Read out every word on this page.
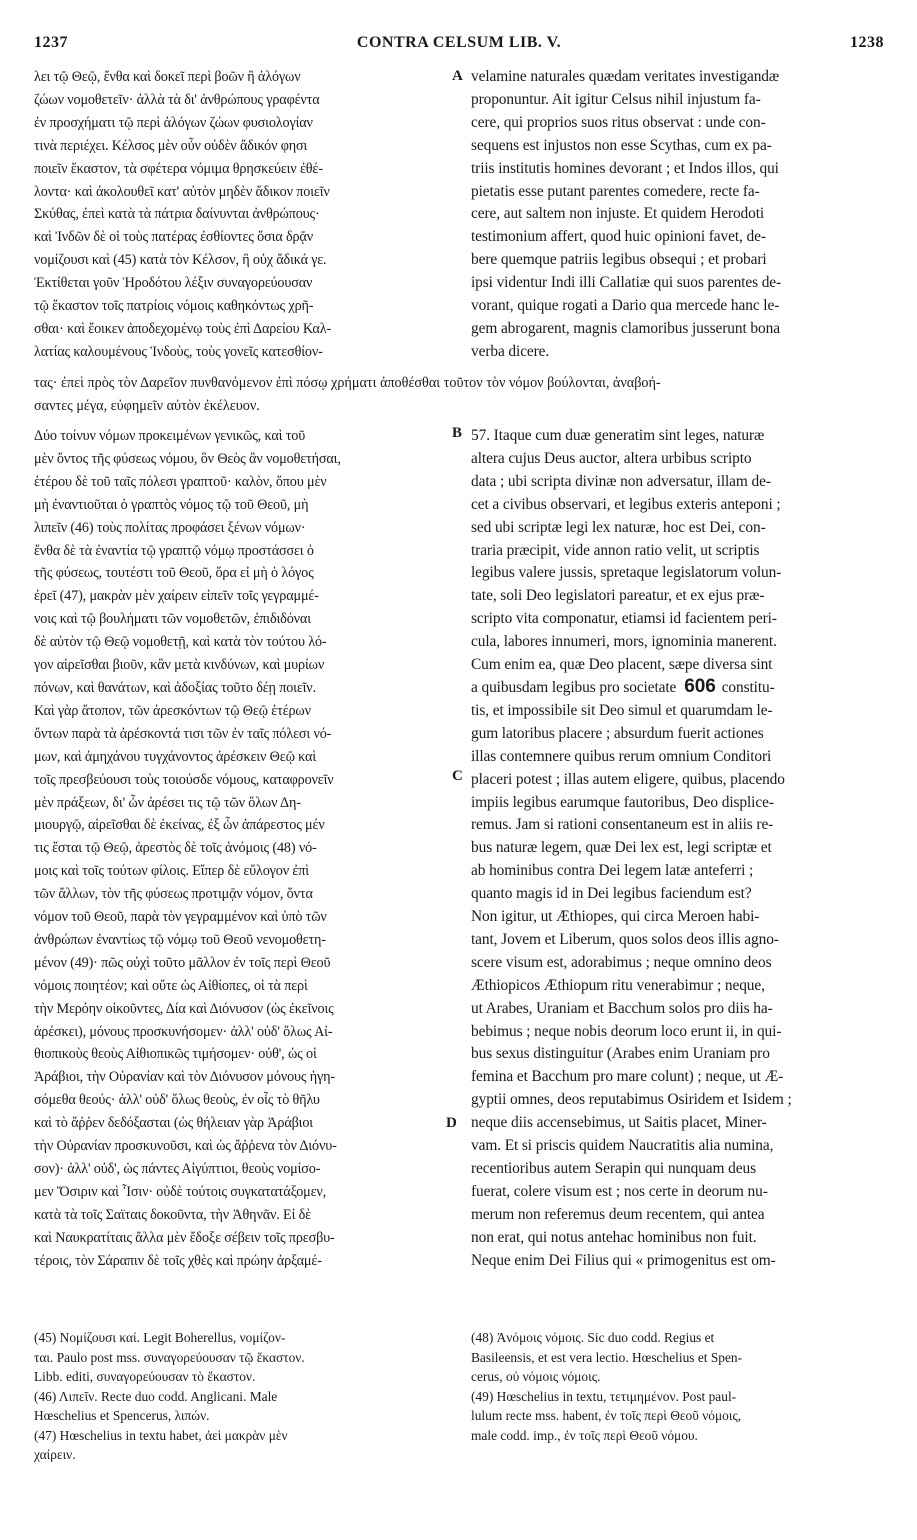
1237	CONTRA CELSUM LIB. V.	1238
λει τῷ Θεῷ, ἔνθα καὶ δοκεῖ περὶ βοῶν ἢ ἀλόγων
ζώων νομοθετεῖν· ἀλλὰ τὰ δι' ἀνθρώπους γραφέντα
ἐν προσχήματι τῷ περὶ ἀλόγων ζώων φυσιολογίαν
τινὰ περιέχει. Κέλσος μὲν οὖν οὐδὲν ἄδικόν φησι
ποιεῖν ἕκαστον, τὰ σφέτερα νόμιμα θρησκεύειν ἐθέ-
λοντα· καὶ ἀκολουθεῖ κατ' αὐτὸν μηδὲν ἄδικον ποιεῖν
Σκύθας, ἐπεὶ κατὰ τὰ πάτρια δαίνυνται ἀνθρώπους·
καὶ Ἰνδῶν δὲ οἱ τοὺς πατέρας ἐσθίοντες ὅσια δρᾷν
νομίζουσι καὶ (45) κατὰ τὸν Κέλσον, ἢ οὐχ ἄδικά γε.
Ἐκτίθεται γοῦν Ἡροδότου λέξιν συναγορεύουσαν
τῷ ἕκαστον τοῖς πατρίοις νόμοις καθηκόντως χρῆ-
σθαι· καὶ ἔοικεν ἀποδεχομένῳ τοὺς ἐπὶ Δαρείου Καλ-
λατίας καλουμένους Ἰνδοὺς, τοὺς γονεῖς κατεσθίον-
A
B
C
D
velamine naturales quædam veritates investigandæ
proponuntur. Ait igitur Celsus nihil injustum fa-
cere, qui proprios suos ritus observat : unde con-
sequens est injustos non esse Scythas, cum ex pa-
triis institutis homines devorant ; et Indos illos, qui
pietatis esse putant parentes comedere, recte fa-
cere, aut saltem non injuste. Et quidem Herodoti
testimonium affert, quod huic opinioni favet, de-
bere quemque patriis legibus obsequi ; et probari
ipsi videntur Indi illi Callatiæ qui suos parentes de-
vorant, quique rogati a Dario qua mercede hanc le-
gem abrogarent, magnis clamoribus jusserunt bona
verba dicere.
τας· ἐπεὶ πρὸς τὸν Δαρεῖον πυνθανόμενον ἐπὶ πόσῳ χρήματι ἀποθέσθαι τοῦτον τὸν νόμον βούλονται, ἀναβοή-
σαντες μέγα, εὐφημεῖν αὐτὸν ἐκέλευον.
Δύο τοίνυν νόμων προκειμένων γενικῶς, καὶ τοῦ
μὲν ὄντος τῆς φύσεως νόμου, ὃν Θεὸς ἂν νομοθετήσαι,
ἑτέρου δὲ τοῦ ταῖς πόλεσι γραπτοῦ· καλὸν, ὅπου μὲν
μὴ ἐναντιοῦται ὁ γραπτὸς νόμος τῷ τοῦ Θεοῦ, μὴ
λιπεῖν (46) τοὺς πολίτας προφάσει ξένων νόμων·
ἔνθα δὲ τὰ ἐναντία τῷ γραπτῷ νόμῳ προστάσσει ὁ
τῆς φύσεως, τουτέστι τοῦ Θεοῦ, ὅρα εἰ μὴ ὁ λόγος
ἐρεῖ (47), μακρὰν μὲν χαίρειν εἰπεῖν τοῖς γεγραμμέ-
νοις καὶ τῷ βουλήματι τῶν νομοθετῶν, ἐπιδιδόναι
δὲ αὐτὸν τῷ Θεῷ νομοθετῇ, καὶ κατὰ τὸν τούτου λό-
γον αἱρεῖσθαι βιοῦν, κἂν μετὰ κινδύνων, καὶ μυρίων
πόνων, καὶ θανάτων, καὶ ἀδοξίας τοῦτο δέῃ ποιεῖν.
Καὶ γὰρ ἄτοπον, τῶν ἀρεσκόντων τῷ Θεῷ ἑτέρων
ὄντων παρὰ τὰ ἀρέσκοντά τισι τῶν ἐν ταῖς πόλεσι νό-
μων, καὶ ἀμηχάνου τυγχάνοντος ἀρέσκειν Θεῷ καὶ
τοῖς πρεσβεύουσι τοὺς τοιούσδε νόμους, καταφρονεῖν
μὲν πράξεων, δι' ὧν ἀρέσει τις τῷ τῶν ὅλων Δη-
μιουργῷ, αἱρεῖσθαι δὲ ἐκείνας, ἐξ ὧν ἀπάρεστος μέν
τις ἔσται τῷ Θεῷ, ἀρεστὸς δὲ τοῖς ἀνόμοις (48) νό-
μοις καὶ τοῖς τούτων φίλοις. Εἴπερ δὲ εὔλογον ἐπὶ
τῶν ἄλλων, τὸν τῆς φύσεως προτιμᾷν νόμον, ὄντα
νόμον τοῦ Θεοῦ, παρὰ τὸν γεγραμμένον καὶ ὑπὸ τῶν
ἀνθρώπων ἐναντίως τῷ νόμῳ τοῦ Θεοῦ νενομοθετη-
μένον (49)· πῶς οὐχὶ τοῦτο μᾶλλον ἐν τοῖς περὶ Θεοῦ
νόμοις ποιητέον; καὶ οὔτε ὡς Αἰθίοπες, οἱ τὰ περὶ
τὴν Μερόην οἰκοῦντες, Δία καὶ Διόνυσον (ὡς ἐκεῖνοις
ἀρέσκει), μόνους προσκυνήσομεν· ἀλλ' οὐδ' ὅλως Αἰ-
θιοπικοὺς θεοὺς Αἰθιοπικῶς τιμήσομεν· οὐθ', ὡς οἱ
Ἀράβιοι, τὴν Οὐρανίαν καὶ τὸν Διόνυσον μόνους ἡγη-
σόμεθα θεούς· ἀλλ' οὐδ' ὅλως θεοὺς, ἐν οἷς τὸ θῆλυ
καὶ τὸ ἄῤῥεν δεδόξασται (ὡς θήλειαν γὰρ Ἀράβιοι
τὴν Οὐρανίαν προσκυνοῦσι, καὶ ὡς ἄῤῥενα τὸν Διόνυ-
σον)· ἀλλ' οὐδ', ὡς πάντες Αἰγύπτιοι, θεοὺς νομίσο-
μεν Ὄσιριν καὶ Ἶσιν· οὐδὲ τούτοις συγκατατάξομεν,
κατὰ τὰ τοῖς Σαϊταις δοκοῦντα, τὴν Ἀθηνᾶν. Εἰ δὲ
καὶ Ναυκρατίταις ἄλλα μὲν ἔδοξε σέβειν τοῖς πρεσβυ-
τέροις, τὸν Σάραπιν δὲ τοῖς χθὲς καὶ πρώην ἀρξαμέ-
57. Itaque cum duæ generatim sint leges, naturæ
altera cujus Deus auctor, altera urbibus scripto
data ; ubi scripta divinæ non adversatur, illam de-
cet a civibus observari, et legibus exteris anteponi ;
sed ubi scriptæ legi lex naturæ, hoc est Dei, con-
traria præcipit, vide annon ratio velit, ut scriptis
legibus valere jussis, spretaque legislatorum volun-
tate, soli Deo legislatori pareatur, et ex ejus præ-
scripto vita componatur, etiamsi id facientem peri-
cula, labores innumeri, mors, ignominia manerent.
Cum enim ea, quæ Deo placent, sæpe diversa sint
a quibusdam legibus pro societate 606 constitu-
tis, et impossibile sit Deo simul et quarumdam le-
gum latoribus placere ; absurdum fuerit actiones
illas contemnere quibus rerum omnium Conditori
placeri potest ; illas autem eligere, quibus, placendo
impiis legibus earumque fautoribus, Deo displice-
remus. Jam si rationi consentaneum est in aliis re-
bus naturæ legem, quæ Dei lex est, legi scriptæ et
ab hominibus contra Dei legem latæ anteferri ;
quanto magis id in Dei legibus faciendum est?
Non igitur, ut Æthiopes, qui circa Meroen habi-
tant, Jovem et Liberum, quos solos deos illis agno-
scere visum est, adorabimus ; neque omnino deos
Æthiopicos Æthiopum ritu venerabimur ; neque,
ut Arabes, Uraniam et Bacchum solos pro diis ha-
bebimus ; neque nobis deorum loco erunt ii, in qui-
bus sexus distinguitur (Arabes enim Uraniam pro
femina et Bacchum pro mare colunt) ; neque, ut Æ-
gyptii omnes, deos reputabimus Osiridem et Isidem ;
neque diis accensebimus, ut Saitis placet, Miner-
vam. Et si priscis quidem Naucratitis alia numina,
recentioribus autem Serapin qui nunquam deus
fuerat, colere visum est ; nos certe in deorum nu-
merum non referemus deum recentem, qui antea
non erat, qui notus antehac hominibus non fuit.
Neque enim Dei Filius qui « primogenitus est om-
(45) Νομίζουσι καί. Legit Boherellus, νομίζον-
ται. Paulo post mss. συναγορεύουσαν τῷ ἕκαστον.
Libb. editi, συναγορεύουσαν τὸ ἕκαστον.
(46) Λιπεῖν. Recte duo codd. Anglicani. Male
Hœschelius et Spencerus, λιπών.
(47) Hœschelius in textu habet, ἀεὶ μακρὰν μὲν
χαίρειν.
(48) Ἀνόμοις νόμοις. Sic duo codd. Regius et
Basileensis, et est vera lectio. Hœschelius et Spen-
cerus, οὐ νόμοις νόμοις.
(49) Hœschelius in textu, τετιμημένον. Post paul-
lulum recte mss. habent, ἐν τοῖς περὶ Θεοῦ νόμοις,
male codd. imp., ἐν τοῖς περὶ Θεοῦ νόμου.
